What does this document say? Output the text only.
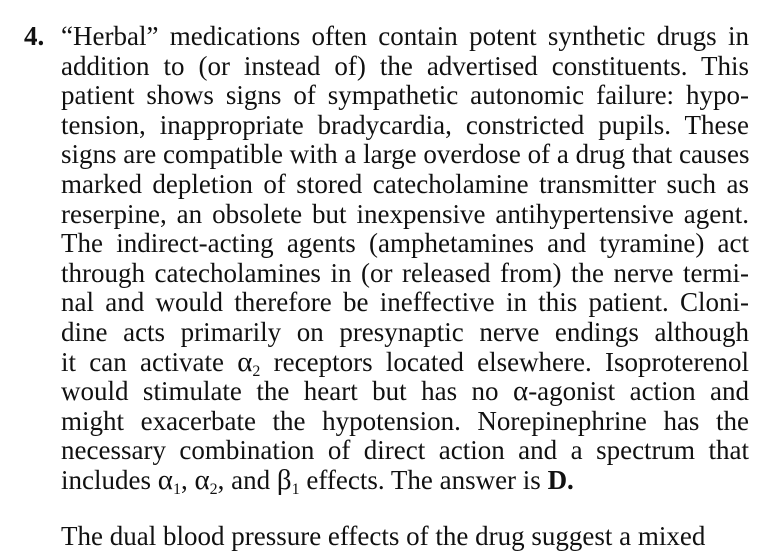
4. “Herbal” medications often contain potent synthetic drugs in
addition to (or instead of) the advertised constituents. This
patient shows signs of sympathetic autonomic failure: hypo-
tension, inappropriate bradycardia, constricted pupils. These
signs are compatible with a large overdose of a drug that causes
marked depletion of stored catecholamine transmitter such as
reserpine, an obsolete but inexpensive antihypertensive agent.
The indirect-acting agents (amphetamines and tyramine) act
through catecholamines in (or released from) the nerve termi-
nal and would therefore be ineffective in this patient. Cloni-
dine acts primarily on presynaptic nerve endings although
it can activate $\alpha_2$ receptors located elsewhere. Isoproterenol
would stimulate the heart but has no α-agonist action and
might exacerbate the hypotension. Norepinephrine has the
necessary combination of direct action and a spectrum that
includes $\alpha_1$, $\alpha_2$, and $\beta_1$ effects. The answer is D.
The dual blood pressure effects of the drug suggest a mixed
